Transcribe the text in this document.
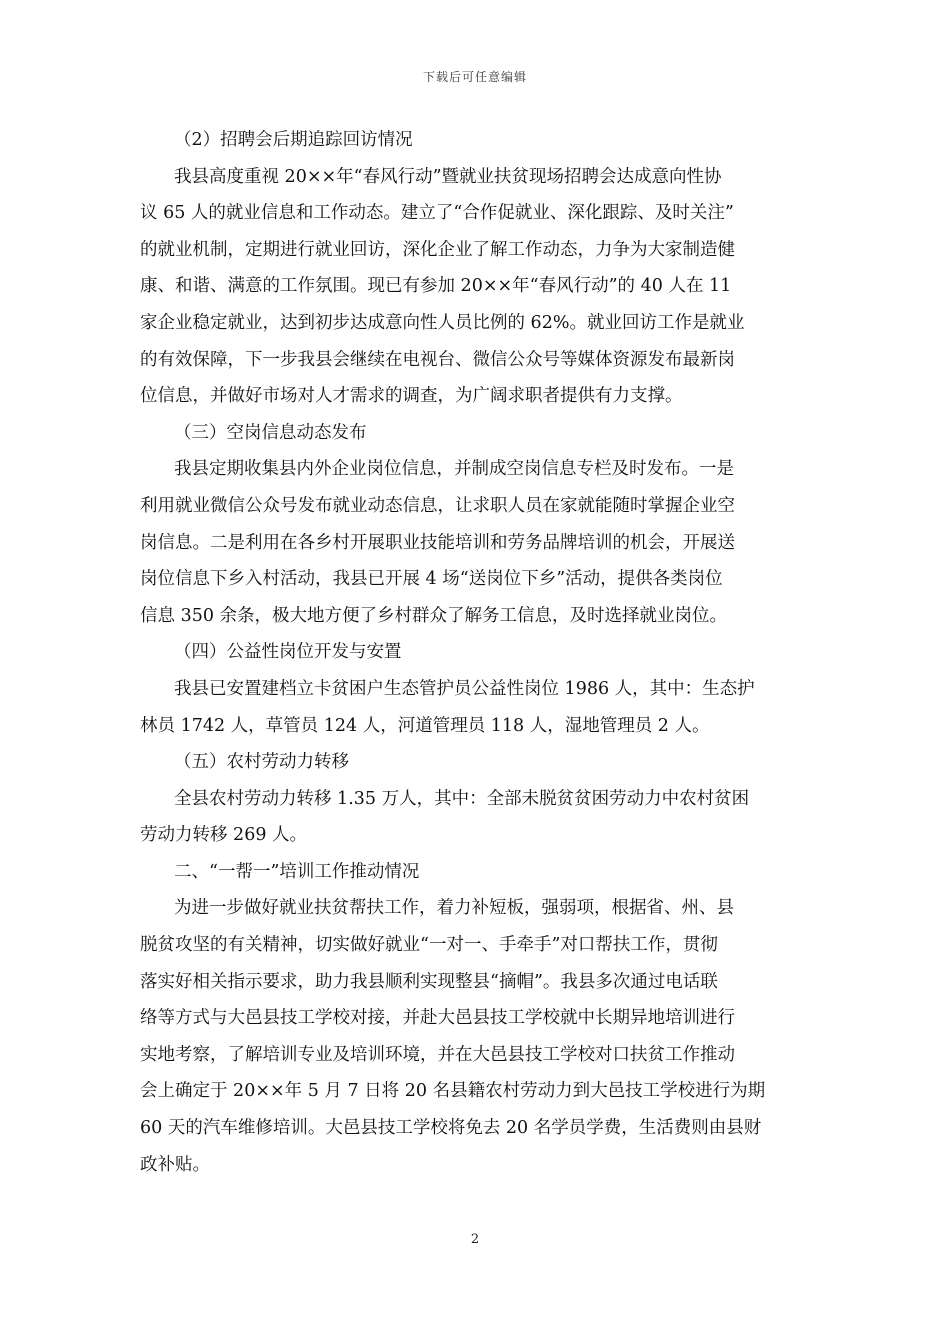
下载后可任意编辑
（2）招聘会后期追踪回访情况
我县高度重视 20××年“春风行动”暨就业扶贫现场招聘会达成意向性协
议 65 人的就业信息和工作动态。建立了“合作促就业、深化跟踪、及时关注”
的就业机制，定期进行就业回访，深化企业了解工作动态，力争为大家制造健
康、和谐、满意的工作氛围。现已有参加 20××年“春风行动”的 40 人在 11
家企业稳定就业，达到初步达成意向性人员比例的 62%。就业回访工作是就业
的有效保障，下一步我县会继续在电视台、微信公众号等媒体资源发布最新岗
位信息，并做好市场对人才需求的调查，为广阔求职者提供有力支撑。
（三）空岗信息动态发布
我县定期收集县内外企业岗位信息，并制成空岗信息专栏及时发布。一是
利用就业微信公众号发布就业动态信息，让求职人员在家就能随时掌握企业空
岗信息。二是利用在各乡村开展职业技能培训和劳务品牌培训的机会，开展送
岗位信息下乡入村活动，我县已开展 4 场“送岗位下乡”活动，提供各类岗位
信息 350 余条，极大地方便了乡村群众了解务工信息，及时选择就业岗位。
（四）公益性岗位开发与安置
我县已安置建档立卡贫困户生态管护员公益性岗位 1986 人，其中：生态护
林员 1742 人，草管员 124 人，河道管理员 118 人，湿地管理员 2 人。
（五）农村劳动力转移
全县农村劳动力转移 1.35 万人，其中：全部未脱贫贫困劳动力中农村贫困
劳动力转移 269 人。
二、“一帮一”培训工作推动情况
为进一步做好就业扶贫帮扶工作，着力补短板，强弱项，根据省、州、县
脱贫攻坚的有关精神，切实做好就业“一对一、手牵手”对口帮扶工作，贯彻
落实好相关指示要求，助力我县顺利实现整县“摘帽”。我县多次通过电话联
络等方式与大邑县技工学校对接，并赴大邑县技工学校就中长期异地培训进行
实地考察，了解培训专业及培训环境，并在大邑县技工学校对口扶贫工作推动
会上确定于 20××年 5 月 7 日将 20 名县籍农村劳动力到大邑技工学校进行为期
60 天的汽车维修培训。大邑县技工学校将免去 20 名学员学费，生活费则由县财
政补贴。
2
